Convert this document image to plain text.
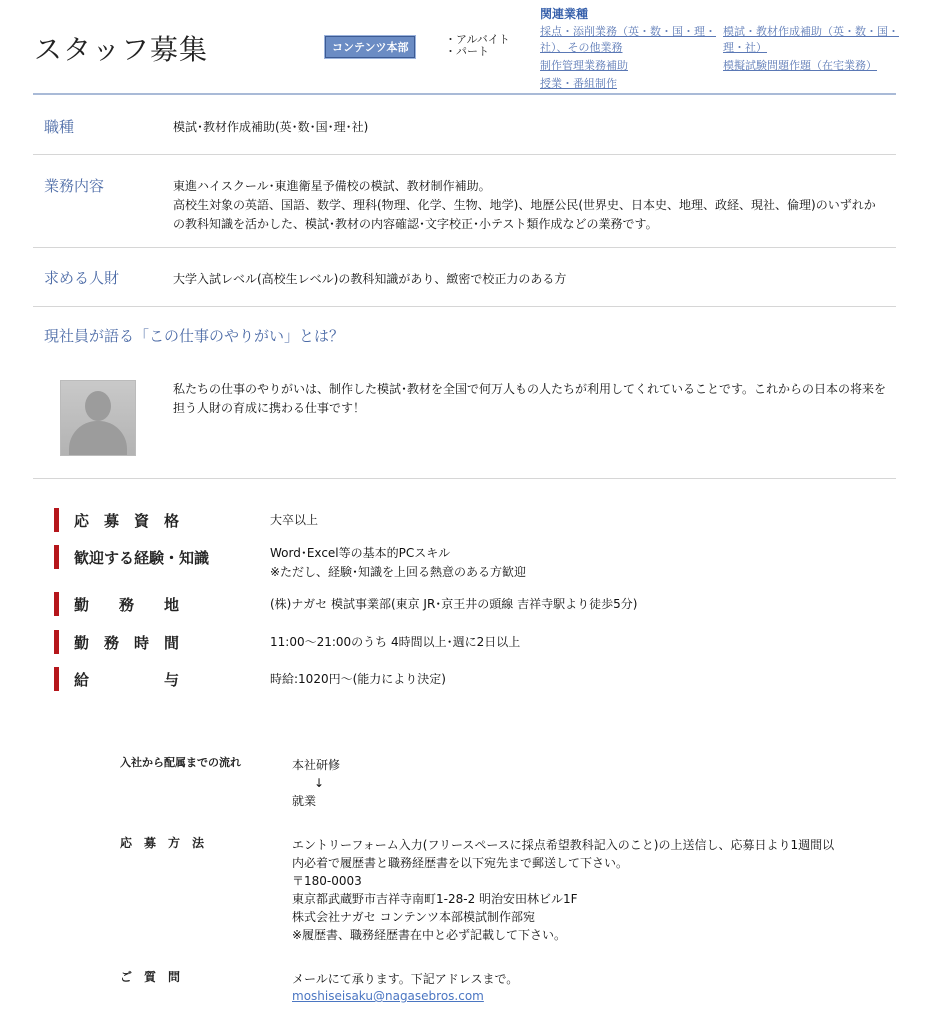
スタッフ募集	コンテンツ本部
・アルバイト
・パート
関連業種
採点・添削業務（英・数・国・理・
社）、その他業務
制作管理業務補助
授業・番組制作
模試・教材作成補助（英・数・国・
理・社）
模擬試験問題作題（在宅業務）
職種	模試･教材作成補助(英･数･国･理･社)
業務内容	東進ハイスクール･東進衛星予備校の模試、教材制作補助。
高校生対象の英語、国語、数学、理科(物理、化学、生物、地学)、地歴公民(世界史、日本史、地理、政経、現社、倫理)のいずれか
の教科知識を活かした、模試･教材の内容確認･文字校正･小テスト類作成などの業務です。
求める人財	大学入試レベル(高校生レベル)の教科知識があり、緻密で校正力のある方
現社員が語る「この仕事のやりがい」とは？
私たちの仕事のやりがいは、制作した模試･教材を全国で何万人もの人たちが利用してくれていることです。これからの日本の将来を
担う人財の育成に携わる仕事です！
応　募　資　格	大卒以上
歓迎する経験・知識	Word･Excel等の基本的PCスキル
※ただし、経験･知識を上回る熱意のある方歓迎
勤　　務　　地	(株)ナガセ 模試事業部(東京 JR･京王井の頭線 吉祥寺駅より徒歩5分)
勤　務　時　間	11:00〜21:00のうち 4時間以上･週に2日以上
給　　　　　与	時給:1020円〜(能力により決定)
入社から配属までの流れ	本社研修
↓
就業
応　募　方　法	エントリーフォーム入力(フリースペースに採点希望教科記入のこと)の上送信し、応募日より1週間以
内必着で履歴書と職務経歴書を以下宛先まで郵送して下さい。
〒180-0003
東京都武蔵野市吉祥寺南町1-28-2 明治安田林ビル1F
株式会社ナガセ コンテンツ本部模試制作部宛
※履歴書、職務経歴書在中と必ず記載して下さい。
ご　質　問	メールにて承ります。下記アドレスまで。
moshiseisaku@nagasebros.com
